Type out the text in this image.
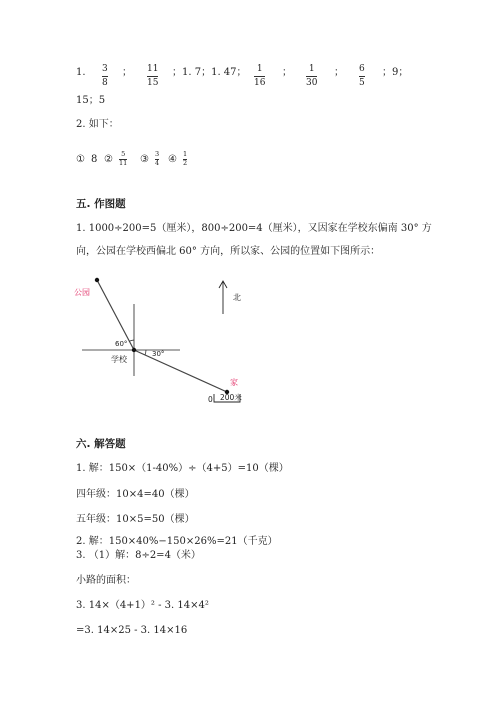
1. 3
8
； 11
15
；1. 7；1. 47； 1
16
； 1
30
； 6
5
；9；
15；5
2. 如下：
① 8 ② 5
11 ③ 3
4 ④ 1
2
五. 作图题
1. 1000÷200=5（厘米），800÷200=4（厘米），又因家在学校东偏南 30° 方
向，公园在学校西偏北 60° 方向，所以家、公园的位置如下图所示：
公园
60°
30°
学校
家
北
0 200米
六. 解答题
1. 解：150×（1-40%）÷（4+5）=10（棵）
四年级：10×4=40（棵）
五年级：10×5=50（棵）
2. 解：150×40%−150×26%=21（千克）
3. （1）解：8÷2=4（米）
小路的面积：
3. 14×（4+1）² - 3. 14×4²
=3. 14×25 - 3. 14×16
